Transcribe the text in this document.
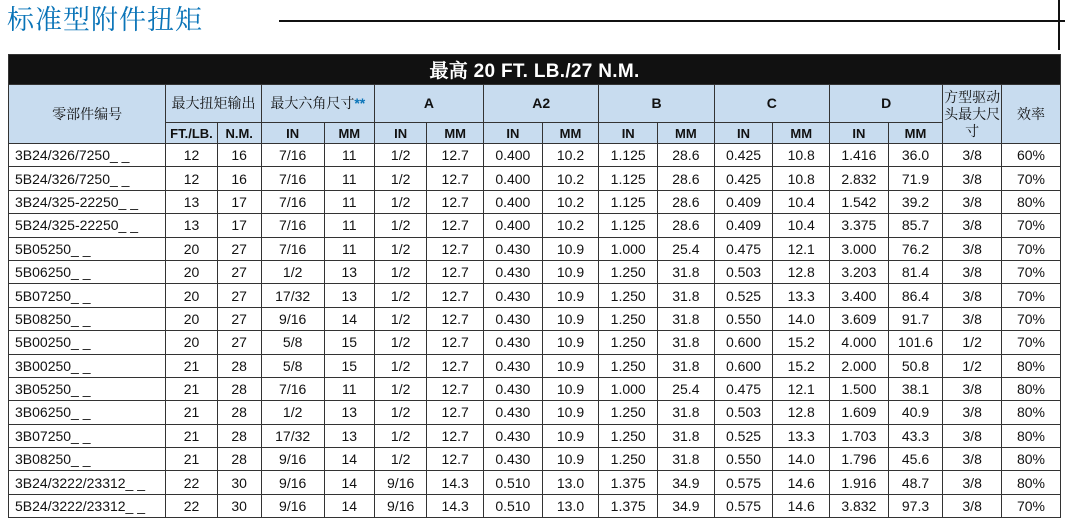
标准型附件扭矩
最高 20 FT. LB./27 N.M.																
零部件编号	最大扭矩输出		最大六角尺寸**		A		A2		B		C		D		方型驱动头最大尺寸	效率
	FT./LB.	N.M.	IN	MM	IN	MM	IN	MM	IN	MM	IN	MM	IN	MM		
3B24/326/7250_ _	12	16	7/16	11	1/2	12.7	0.400	10.2	1.125	28.6	0.425	10.8	1.416	36.0	3/8	60%
5B24/326/7250_ _	12	16	7/16	11	1/2	12.7	0.400	10.2	1.125	28.6	0.425	10.8	2.832	71.9	3/8	70%
3B24/325-22250_ _	13	17	7/16	11	1/2	12.7	0.400	10.2	1.125	28.6	0.409	10.4	1.542	39.2	3/8	80%
5B24/325-22250_ _	13	17	7/16	11	1/2	12.7	0.400	10.2	1.125	28.6	0.409	10.4	3.375	85.7	3/8	70%
5B05250_ _	20	27	7/16	11	1/2	12.7	0.430	10.9	1.000	25.4	0.475	12.1	3.000	76.2	3/8	70%
5B06250_ _	20	27	1/2	13	1/2	12.7	0.430	10.9	1.250	31.8	0.503	12.8	3.203	81.4	3/8	70%
5B07250_ _	20	27	17/32	13	1/2	12.7	0.430	10.9	1.250	31.8	0.525	13.3	3.400	86.4	3/8	70%
5B08250_ _	20	27	9/16	14	1/2	12.7	0.430	10.9	1.250	31.8	0.550	14.0	3.609	91.7	3/8	70%
5B00250_ _	20	27	5/8	15	1/2	12.7	0.430	10.9	1.250	31.8	0.600	15.2	4.000	101.6	1/2	70%
3B00250_ _	21	28	5/8	15	1/2	12.7	0.430	10.9	1.250	31.8	0.600	15.2	2.000	50.8	1/2	80%
3B05250_ _	21	28	7/16	11	1/2	12.7	0.430	10.9	1.000	25.4	0.475	12.1	1.500	38.1	3/8	80%
3B06250_ _	21	28	1/2	13	1/2	12.7	0.430	10.9	1.250	31.8	0.503	12.8	1.609	40.9	3/8	80%
3B07250_ _	21	28	17/32	13	1/2	12.7	0.430	10.9	1.250	31.8	0.525	13.3	1.703	43.3	3/8	80%
3B08250_ _	21	28	9/16	14	1/2	12.7	0.430	10.9	1.250	31.8	0.550	14.0	1.796	45.6	3/8	80%
3B24/3222/23312_ _	22	30	9/16	14	9/16	14.3	0.510	13.0	1.375	34.9	0.575	14.6	1.916	48.7	3/8	80%
5B24/3222/23312_ _	22	30	9/16	14	9/16	14.3	0.510	13.0	1.375	34.9	0.575	14.6	3.832	97.3	3/8	70%
